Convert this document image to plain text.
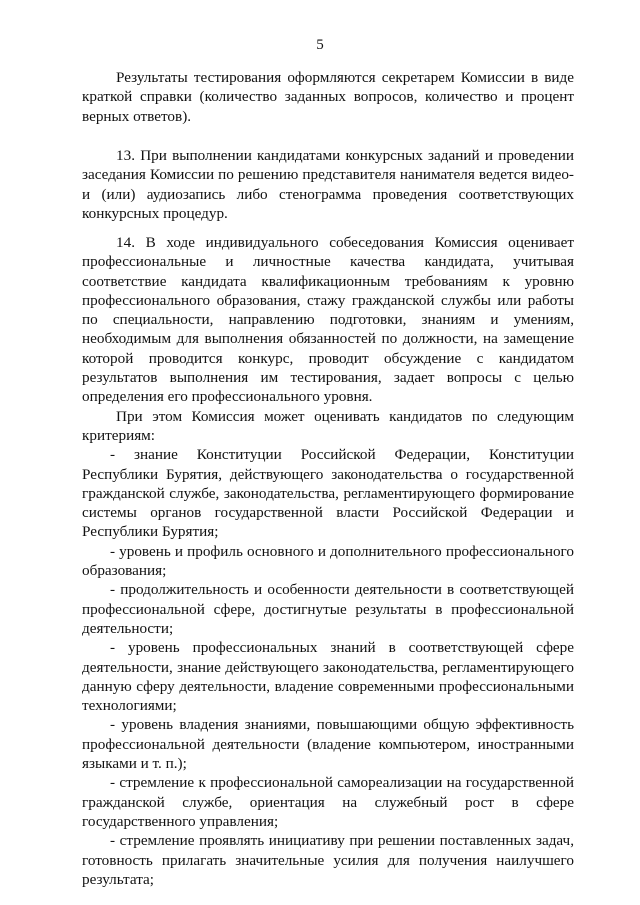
5

Результаты тестирования оформляются секретарем Комиссии в виде краткой справки (количество заданных вопросов, количество и процент верных ответов).

13. При выполнении кандидатами конкурсных заданий и проведении заседания Комиссии по решению представителя нанимателя ведется видео- и (или) аудиозапись либо стенограмма проведения соответствующих конкурсных процедур.

14. В ходе индивидуального собеседования Комиссия оценивает профессиональные и личностные качества кандидата, учитывая соответствие кандидата квалификационным требованиям к уровню профессионального образования, стажу гражданской службы или работы по специальности, направлению подготовки, знаниям и умениям, необходимым для выполнения обязанностей по должности, на замещение которой проводится конкурс, проводит обсуждение с кандидатом результатов выполнения им тестирования, задает вопросы с целью определения его профессионального уровня.

При этом Комиссия может оценивать кандидатов по следующим критериям:

- знание Конституции Российской Федерации, Конституции Республики Бурятия, действующего законодательства о государственной гражданской службе, законодательства, регламентирующего формирование системы органов государственной власти Российской Федерации и Республики Бурятия;

- уровень и профиль основного и дополнительного профессионального образования;

- продолжительность и особенности деятельности в соответствующей профессиональной сфере, достигнутые результаты в профессиональной деятельности;

- уровень профессиональных знаний в соответствующей сфере деятельности, знание действующего законодательства, регламентирующего данную сферу деятельности, владение современными профессиональными технологиями;

- уровень владения знаниями, повышающими общую эффективность профессиональной деятельности (владение компьютером, иностранными языками и т. п.);

- стремление к профессиональной самореализации на государственной гражданской службе, ориентация на служебный рост в сфере государственного управления;

- стремление проявлять инициативу при решении поставленных задач, готовность прилагать значительные усилия для получения наилучшего результата;
